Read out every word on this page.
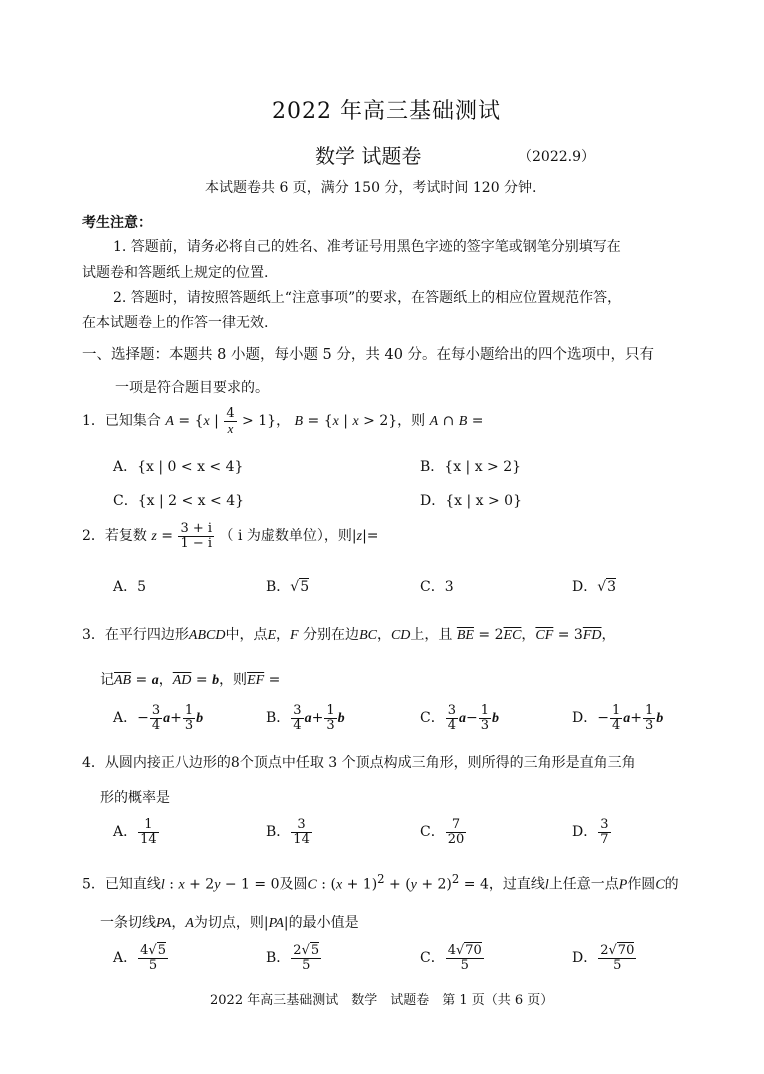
2022 年高三基础测试
数学 试题卷	（2022.9）
本试题卷共 6 页，满分 150 分，考试时间 120 分钟.
考生注意：
1. 答题前，请务必将自己的姓名、准考证号用黑色字迹的签字笔或钢笔分别填写在
试题卷和答题纸上规定的位置.
2. 答题时，请按照答题纸上“注意事项”的要求，在答题纸上的相应位置规范作答，
在本试题卷上的作答一律无效.
一、选择题：本题共 8 小题，每小题 5 分，共 40 分。在每小题给出的四个选项中，只有
一项是符合题目要求的。
1．已知集合 A = {x | $\frac{4}{x} > 1$}， B = {x | x > 2}，则 A ∩ B =
A．{x | 0 < x < 4}	B．{x | x > 2}
C．{x | 2 < x < 4}	D．{x | x > 0}
2．若复数 $z = \frac{3 + i}{1 - i}$ （ i 为虚数单位），则|z|=
A．5	B．√5	C．3	D．√3
3．在平行四边形ABCD中，点E，F 分别在边BC，CD上，且 $\overline{BE} = 2\overline{EC}$，$\overline{CF} = 3\overline{FD}$，
记$\overline{AB} = a$，$\overline{AD} = b$，则$\overline{EF}$ =
A．− $\frac{3}{4} a+ \frac{1}{3}$ b	B． $\frac{3}{4} a+ \frac{1}{3}$ b	C． $\frac{3}{4} a- \frac{1}{3}$ b	D．− $\frac{1}{4} a+ \frac{1}{3}$ b
4．从圆内接正八边形的8个顶点中任取 3 个顶点构成三角形，则所得的三角形是直角三角
形的概率是
A． $\frac{1}{14}$	B． $\frac{3}{14}$	C． $\frac{7}{20}$	D． $\frac{3}{7}$
5．已知直线l : x + 2y − 1 = 0及圆C : $(x + 1)^2 + (y + 2)^2 = 4$，过直线l上任意一点P作圆C的
一条切线PA，A为切点，则|PA|的最小值是
A． $\frac{4√5}{5}$	B． $\frac{2√5}{5}$	C． $\frac{4√70}{5}$	D． $\frac{2√70}{5}$
2022 年高三基础测试　数学　试题卷　第 1 页（共 6 页）
